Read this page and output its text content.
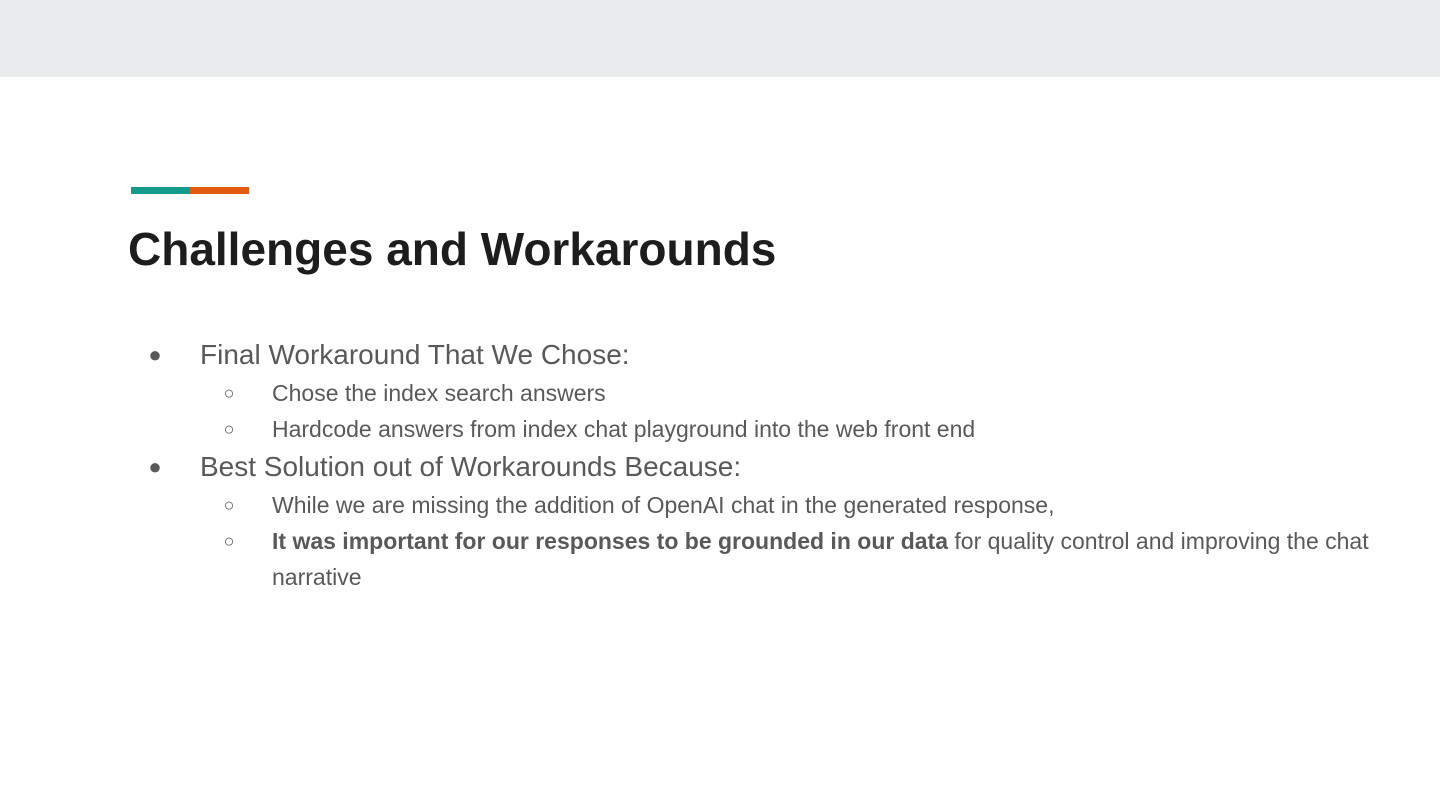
Challenges and Workarounds
● Final Workaround That We Chose:
○ Chose the index search answers
○ Hardcode answers from index chat playground into the web front end
● Best Solution out of Workarounds Because:
○ While we are missing the addition of OpenAI chat in the generated response,
○ It was important for our responses to be grounded in our data for quality control and improving the chat narrative
